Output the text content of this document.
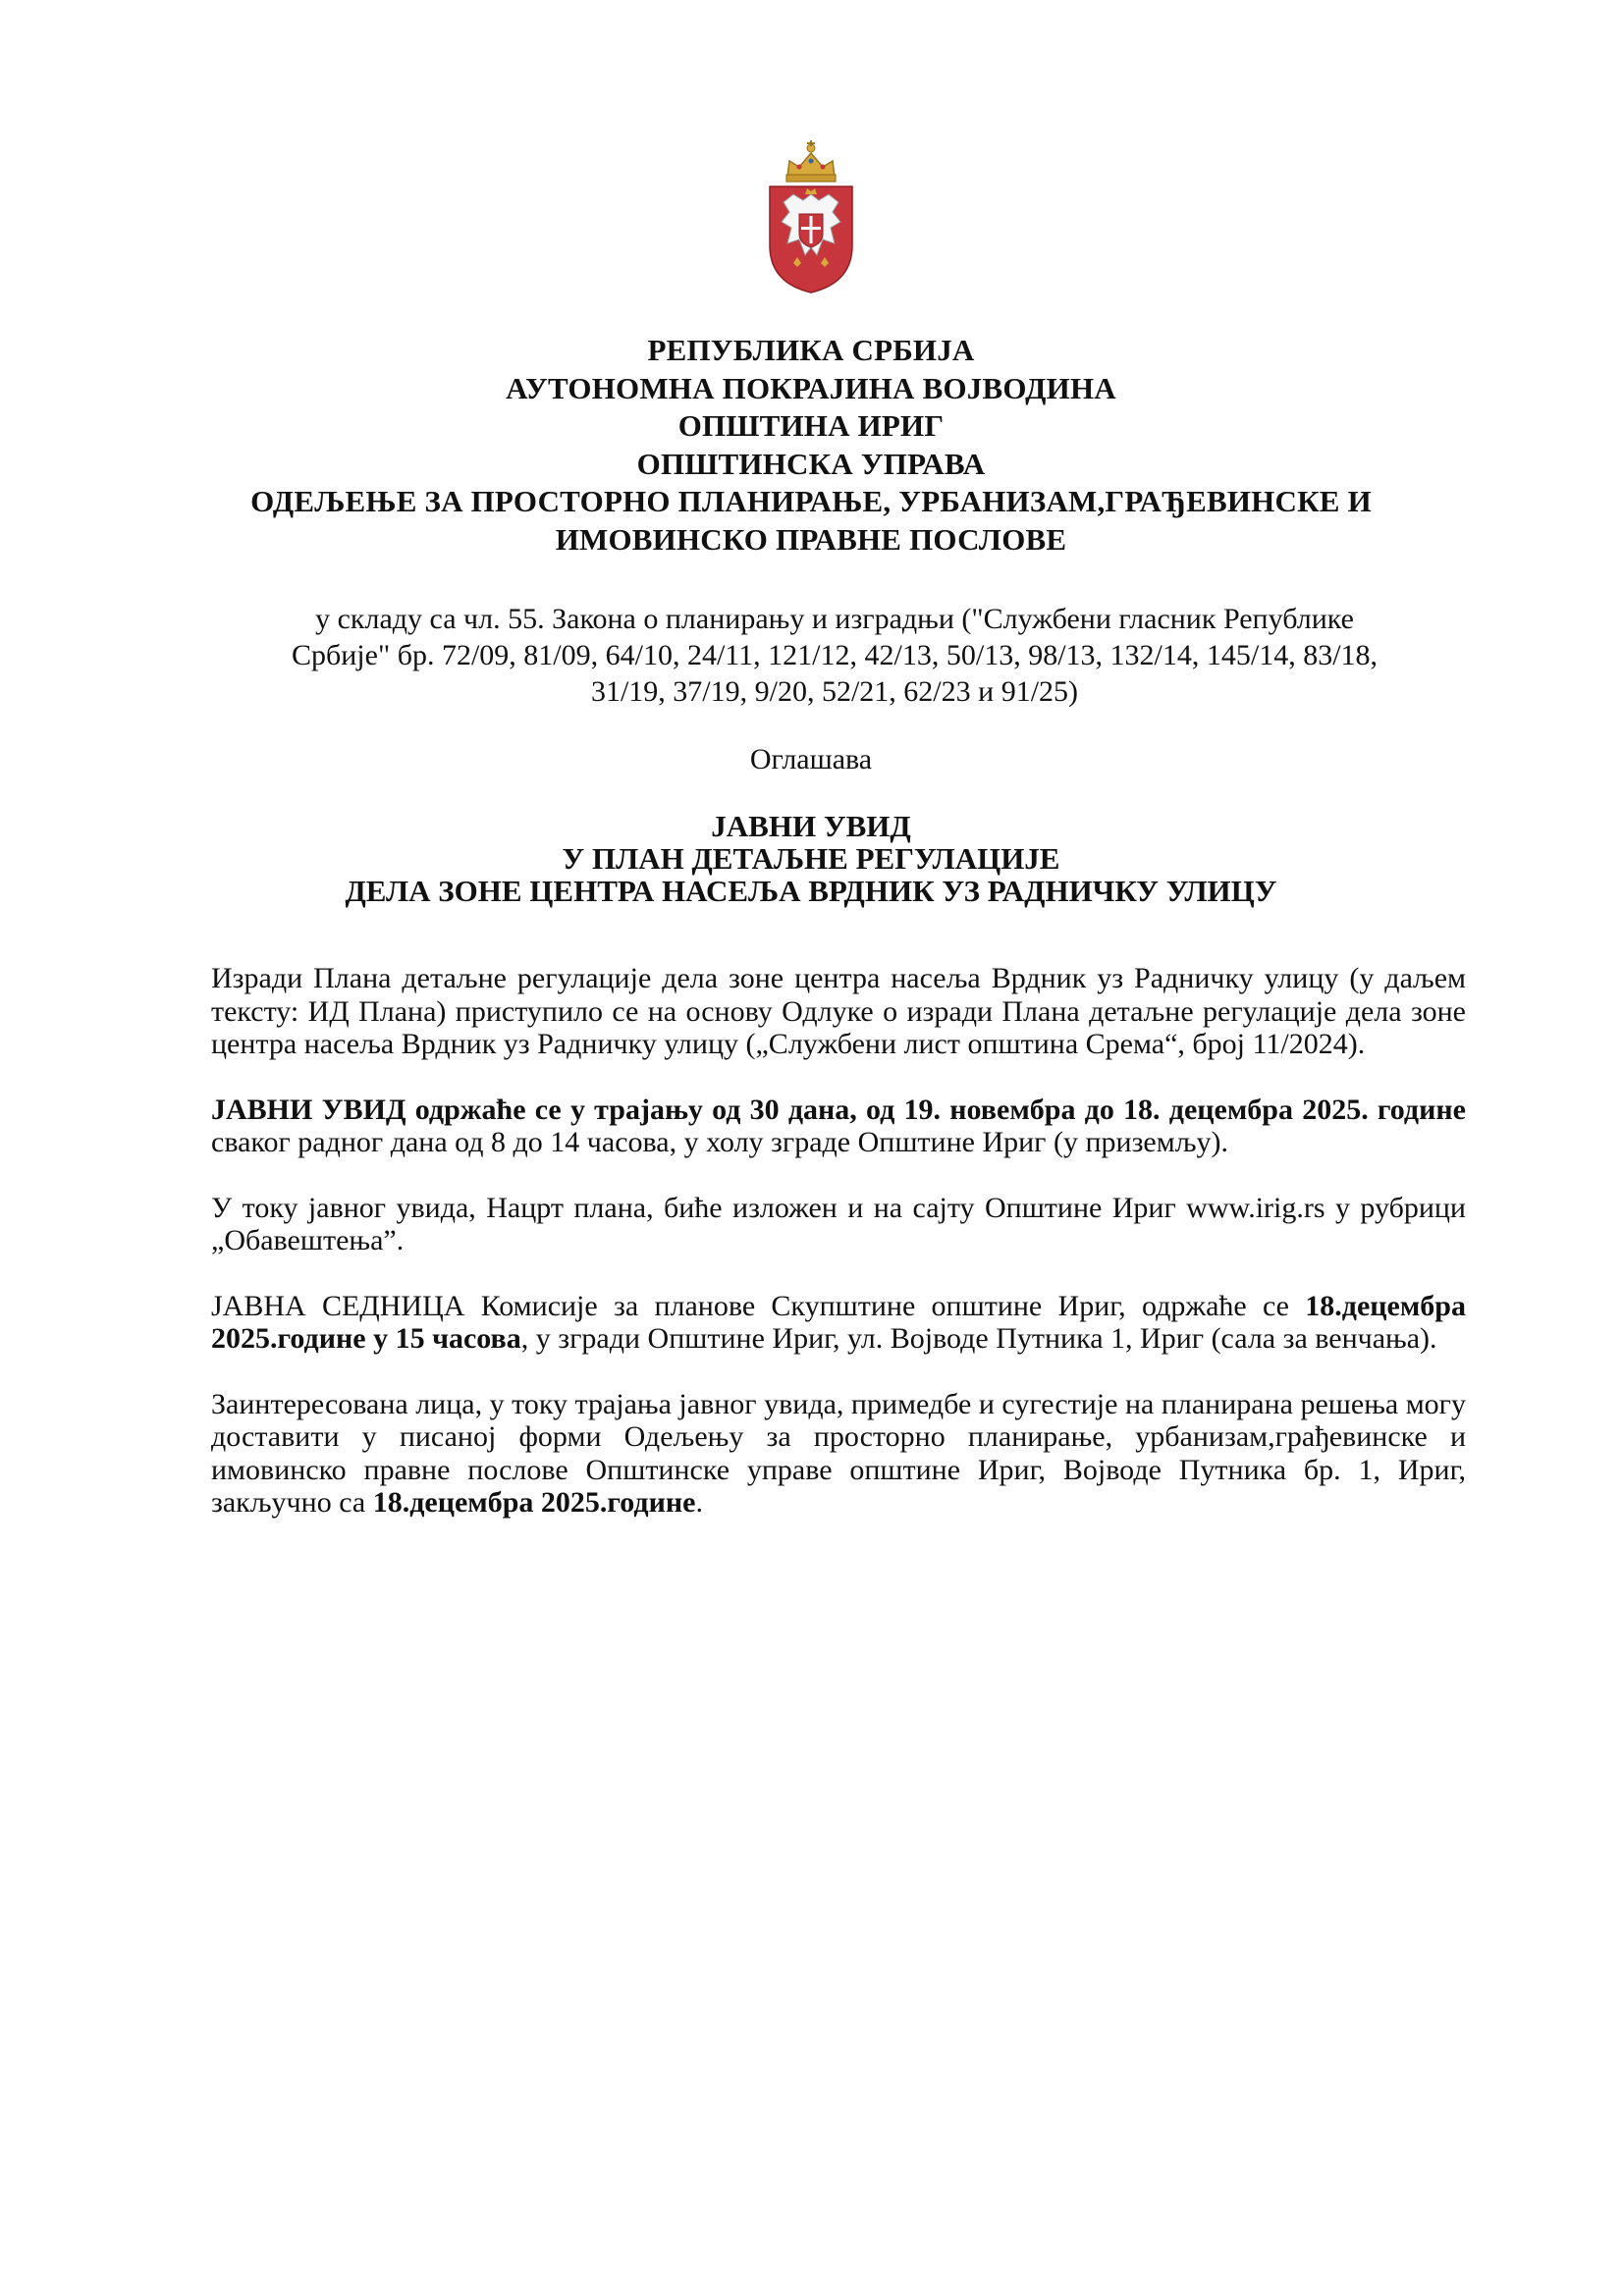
РЕПУБЛИКА СРБИЈА
АУТОНОМНА ПОКРАЈИНА ВОЈВОДИНА
ОПШТИНА ИРИГ
ОПШТИНСКА УПРАВА
ОДЕЉЕЊЕ ЗА ПРОСТОРНО ПЛАНИРАЊЕ, УРБАНИЗАМ,ГРАЂЕВИНСКЕ И
ИМОВИНСКО ПРАВНЕ ПОСЛОВЕ
у складу са чл. 55. Закона о планирању и изградњи ("Службени гласник Републике
Србије" бр. 72/09, 81/09, 64/10, 24/11, 121/12, 42/13, 50/13, 98/13, 132/14, 145/14, 83/18,
31/19, 37/19, 9/20, 52/21, 62/23 и 91/25)
Оглашава
ЈАВНИ УВИД
У ПЛАН ДЕТАЉНЕ РЕГУЛАЦИЈЕ
ДЕЛА ЗОНЕ ЦЕНТРА НАСЕЉА ВРДНИК УЗ РАДНИЧКУ УЛИЦУ

Изради Плана детаљне регулације дела зоне центра насеља Врдник уз Радничку улицу (у даљем тексту: ИД Плана) приступило се на основу Одлуке о изради Плана детаљне регулације дела зоне центра насеља Врдник уз Радничку улицу („Службени лист општина Срема“, број 11/2024).

ЈАВНИ УВИД одржаће се у трајању од 30 дана, од 19. новембра до 18. децембра 2025. године сваког радног дана од 8 до 14 часова, у холу зграде Општине Ириг (у приземљу).

У току јавног увида, Нацрт плана, биће изложен и на сајту Општине Ириг www.irig.rs у рубрици „Обавештења”.

ЈАВНА СЕДНИЦА Комисије за планове Скупштине општине Ириг, одржаће се 18.децембра 2025.године у 15 часова, у згради Општине Ириг, ул. Војводе Путника 1, Ириг (сала за венчања).

Заинтересована лица, у току трајања јавног увида, примедбе и сугестије на планирана решења могу доставити у писаној форми Одељењу за просторно планирање, урбанизам,грађевинске и имовинско правне послове Општинске управе општине Ириг, Војводе Путника бр. 1, Ириг, закључно са 18.децембра 2025.године.
